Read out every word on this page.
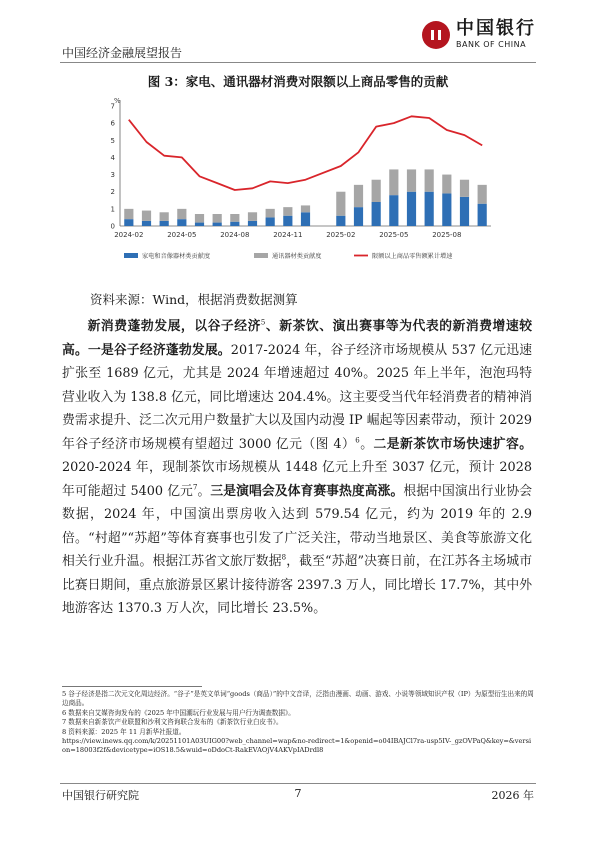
中国经济金融展望报告
中国银行
BANK OF CHINA
图 3：家电、通讯器材消费对限额以上商品零售的贡献
%
0
1
2
3
4
5
6
7
2024-02	2024-05	2024-08	2024-11	2025-02	2025-05	2025-08
家电和音像器材类贡献度	通讯器材类贡献度	限额以上商品零售额累计增速
资料来源：Wind，根据消费数据测算

新消费蓬勃发展，以谷子经济$^5$、新茶饮、演出赛事等为代表的新消费增速较高。一是谷子经济蓬勃发展。2017-2024 年，谷子经济市场规模从 537 亿元迅速扩张至 1689 亿元，尤其是 2024 年增速超过 40%。2025 年上半年，泡泡玛特营业收入为 138.8 亿元，同比增速达 204.4%。这主要受当代年轻消费者的精神消费需求提升、泛二次元用户数量扩大以及国内动漫 IP 崛起等因素带动，预计 2029 年谷子经济市场规模有望超过 3000 亿元（图 4）$^6$。二是新茶饮市场快速扩容。2020-2024 年，现制茶饮市场规模从 1448 亿元上升至 3037 亿元，预计 2028 年可能超过 5400 亿元$^7$。三是演唱会及体育赛事热度高涨。根据中国演出行业协会数据，2024 年，中国演出票房收入达到 579.54 亿元，约为 2019 年的 2.9 倍。“村超”“苏超”等体育赛事也引发了广泛关注，带动当地景区、美食等旅游文化相关行业升温。根据江苏省文旅厅数据$^8$，截至“苏超”决赛日前，在江苏各主场城市比赛日期间，重点旅游景区累计接待游客 2397.3 万人，同比增长 17.7%，其中外地游客达 1370.3 万人次，同比增长 23.5%。

5 谷子经济是指二次元文化周边经济。“谷子”是英文单词“goods（商品）”的中文音译，泛指由漫画、动画、游戏、小说等领域知识产权（IP）为原型衍生出来的周边商品。
6 数据来自艾媒咨询发布的《2025 年中国潮玩行业发展与用户行为调查数据》。
7 数据来自新茶饮产业联盟和沙利文咨询联合发布的《新茶饮行业白皮书》。
8 资料来源：2025 年 11 月新华社报道。
https://view.inews.qq.com/k/20251101A03UIG00?web_channel=wap&no-redirect=1&openid=o04IBAJCl7ra-usp5IV-_gzOVPaQ&key=&version=18003f2f&devicetype=iOS18.5&wuid=oDdoCt-RakEVAOjV4AKVpIADrdl8
中国银行研究院	7	2026 年
